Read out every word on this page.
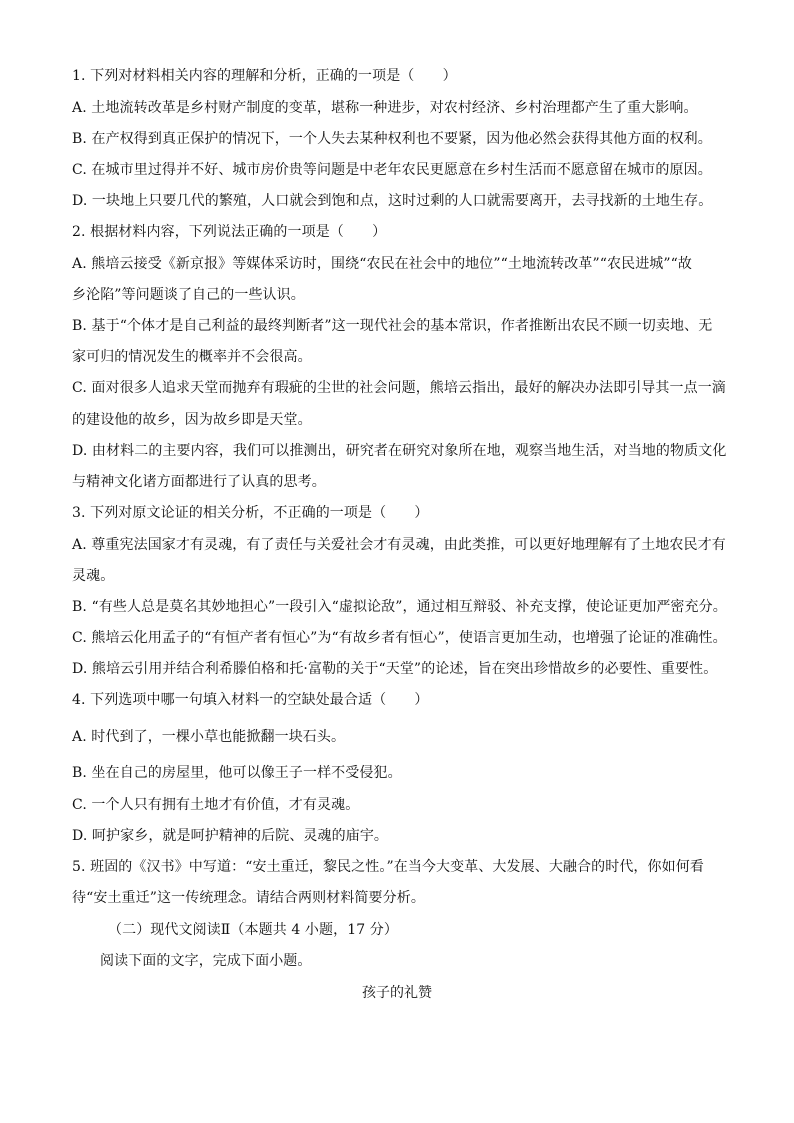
1. 下列对材料相关内容的理解和分析，正确的一项是（　　）
A. 土地流转改革是乡村财产制度的变革，堪称一种进步，对农村经济、乡村治理都产生了重大影响。
B. 在产权得到真正保护的情况下，一个人失去某种权利也不要紧，因为他必然会获得其他方面的权利。
C. 在城市里过得并不好、城市房价贵等问题是中老年农民更愿意在乡村生活而不愿意留在城市的原因。
D. 一块地上只要几代的繁殖，人口就会到饱和点，这时过剩的人口就需要离开，去寻找新的土地生存。
2. 根据材料内容，下列说法正确的一项是（　　）
A. 熊培云接受《新京报》等媒体采访时，围绕“农民在社会中的地位”“土地流转改革”“农民进城”“故
乡沦陷”等问题谈了自己的一些认识。
B. 基于“个体才是自己利益的最终判断者”这一现代社会的基本常识，作者推断出农民不顾一切卖地、无
家可归的情况发生的概率并不会很高。
C. 面对很多人追求天堂而抛弃有瑕疵的尘世的社会问题，熊培云指出，最好的解决办法即引导其一点一滴
的建设他的故乡，因为故乡即是天堂。
D. 由材料二的主要内容，我们可以推测出，研究者在研究对象所在地，观察当地生活，对当地的物质文化
与精神文化诸方面都进行了认真的思考。
3. 下列对原文论证的相关分析，不正确的一项是（　　）
A. 尊重宪法国家才有灵魂，有了责任与关爱社会才有灵魂，由此类推，可以更好地理解有了土地农民才有
灵魂。
B. “有些人总是莫名其妙地担心”一段引入“虚拟论敌”，通过相互辩驳、补充支撑，使论证更加严密充分。
C. 熊培云化用孟子的“有恒产者有恒心”为“有故乡者有恒心”，使语言更加生动，也增强了论证的准确性。
D. 熊培云引用并结合利希滕伯格和托·富勒的关于“天堂”的论述，旨在突出珍惜故乡的必要性、重要性。
4. 下列选项中哪一句填入材料一的空缺处最合适（　　）
A. 时代到了，一棵小草也能掀翻一块石头。
B. 坐在自己的房屋里，他可以像王子一样不受侵犯。
C. 一个人只有拥有土地才有价值，才有灵魂。
D. 呵护家乡，就是呵护精神的后院、灵魂的庙宇。
5. 班固的《汉书》中写道：“安土重迁，黎民之性。”在当今大变革、大发展、大融合的时代，你如何看
待“安土重迁”这一传统理念。请结合两则材料简要分析。
（二）现代文阅读Ⅱ（本题共 4 小题，17 分）
阅读下面的文字，完成下面小题。
孩子的礼赞
